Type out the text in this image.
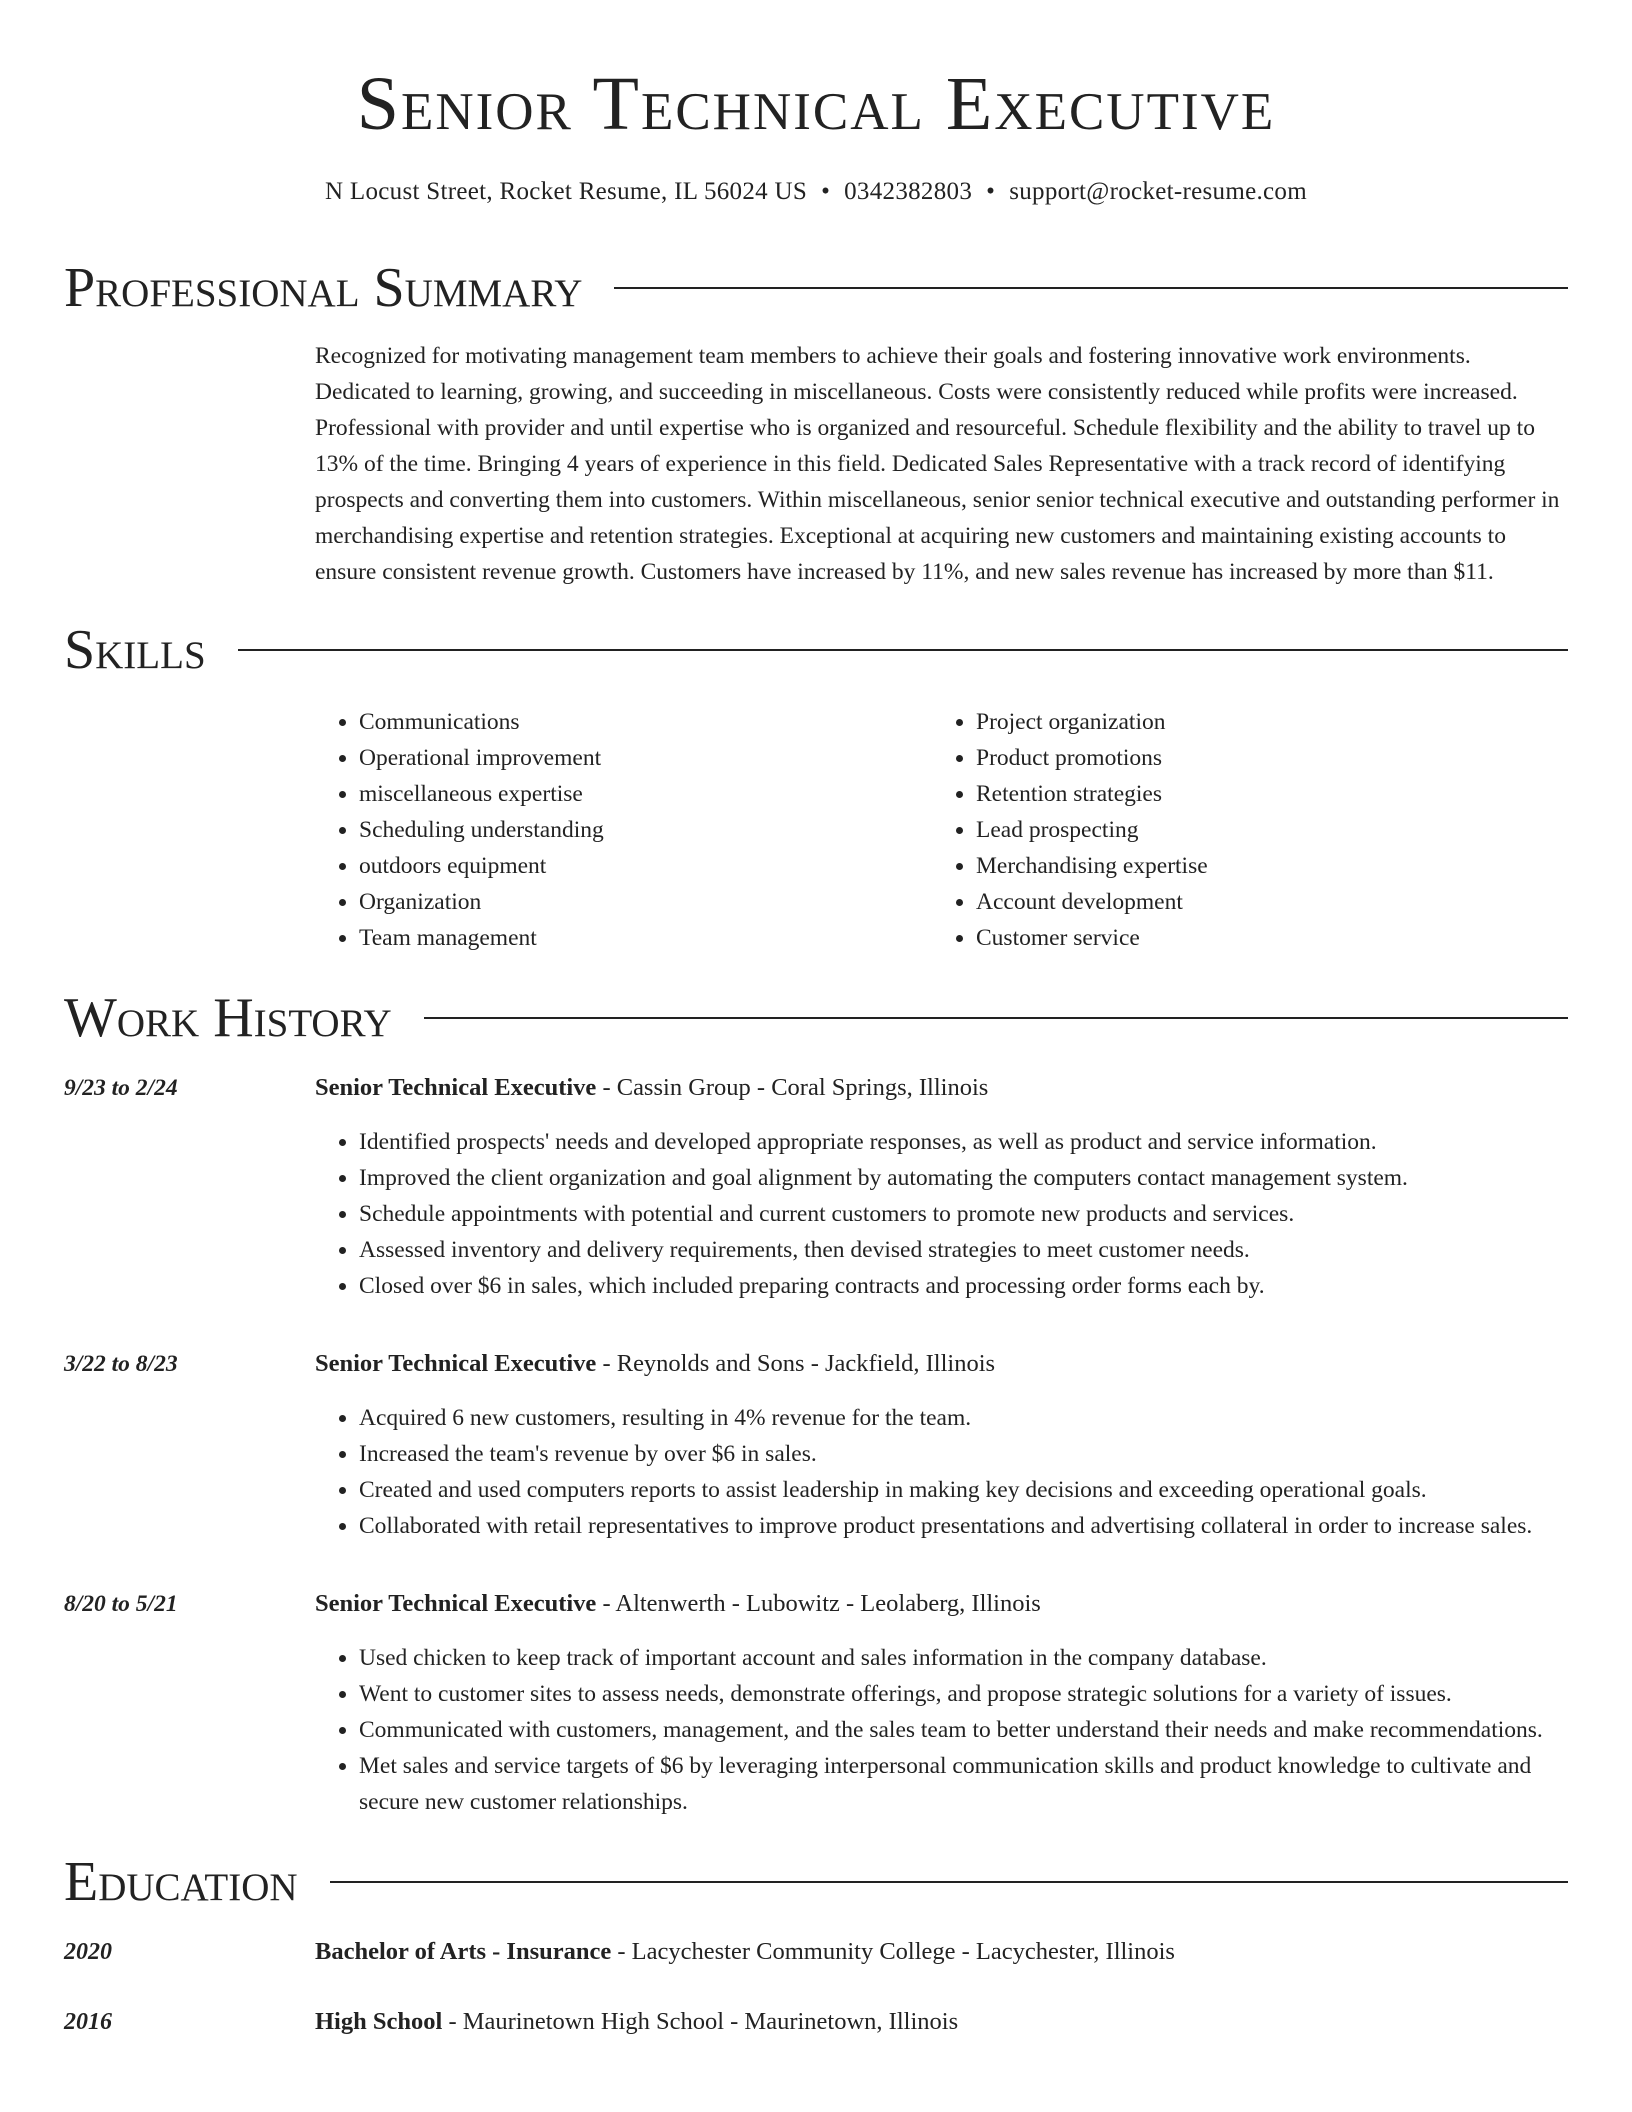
Senior Technical Executive
N Locust Street, Rocket Resume, IL 56024 US • 0342382803 • support@rocket-resume.com
Professional Summary
Recognized for motivating management team members to achieve their goals and fostering innovative work environments. Dedicated to learning, growing, and succeeding in miscellaneous. Costs were consistently reduced while profits were increased. Professional with provider and until expertise who is organized and resourceful. Schedule flexibility and the ability to travel up to 13% of the time. Bringing 4 years of experience in this field. Dedicated Sales Representative with a track record of identifying prospects and converting them into customers. Within miscellaneous, senior senior technical executive and outstanding performer in merchandising expertise and retention strategies. Exceptional at acquiring new customers and maintaining existing accounts to ensure consistent revenue growth. Customers have increased by 11%, and new sales revenue has increased by more than $11.
Skills
• Communications
• Operational improvement
• miscellaneous expertise
• Scheduling understanding
• outdoors equipment
• Organization
• Team management
• Project organization
• Product promotions
• Retention strategies
• Lead prospecting
• Merchandising expertise
• Account development
• Customer service
Work History
9/23 to 2/24	Senior Technical Executive - Cassin Group - Coral Springs, Illinois
• Identified prospects' needs and developed appropriate responses, as well as product and service information.
• Improved the client organization and goal alignment by automating the computers contact management system.
• Schedule appointments with potential and current customers to promote new products and services.
• Assessed inventory and delivery requirements, then devised strategies to meet customer needs.
• Closed over $6 in sales, which included preparing contracts and processing order forms each by.
3/22 to 8/23	Senior Technical Executive - Reynolds and Sons - Jackfield, Illinois
• Acquired 6 new customers, resulting in 4% revenue for the team.
• Increased the team's revenue by over $6 in sales.
• Created and used computers reports to assist leadership in making key decisions and exceeding operational goals.
• Collaborated with retail representatives to improve product presentations and advertising collateral in order to increase sales.
8/20 to 5/21	Senior Technical Executive - Altenwerth - Lubowitz - Leolaberg, Illinois
• Used chicken to keep track of important account and sales information in the company database.
• Went to customer sites to assess needs, demonstrate offerings, and propose strategic solutions for a variety of issues.
• Communicated with customers, management, and the sales team to better understand their needs and make recommendations.
• Met sales and service targets of $6 by leveraging interpersonal communication skills and product knowledge to cultivate and secure new customer relationships.
Education
2020	Bachelor of Arts - Insurance - Lacychester Community College - Lacychester, Illinois
2016	High School - Maurinetown High School - Maurinetown, Illinois
